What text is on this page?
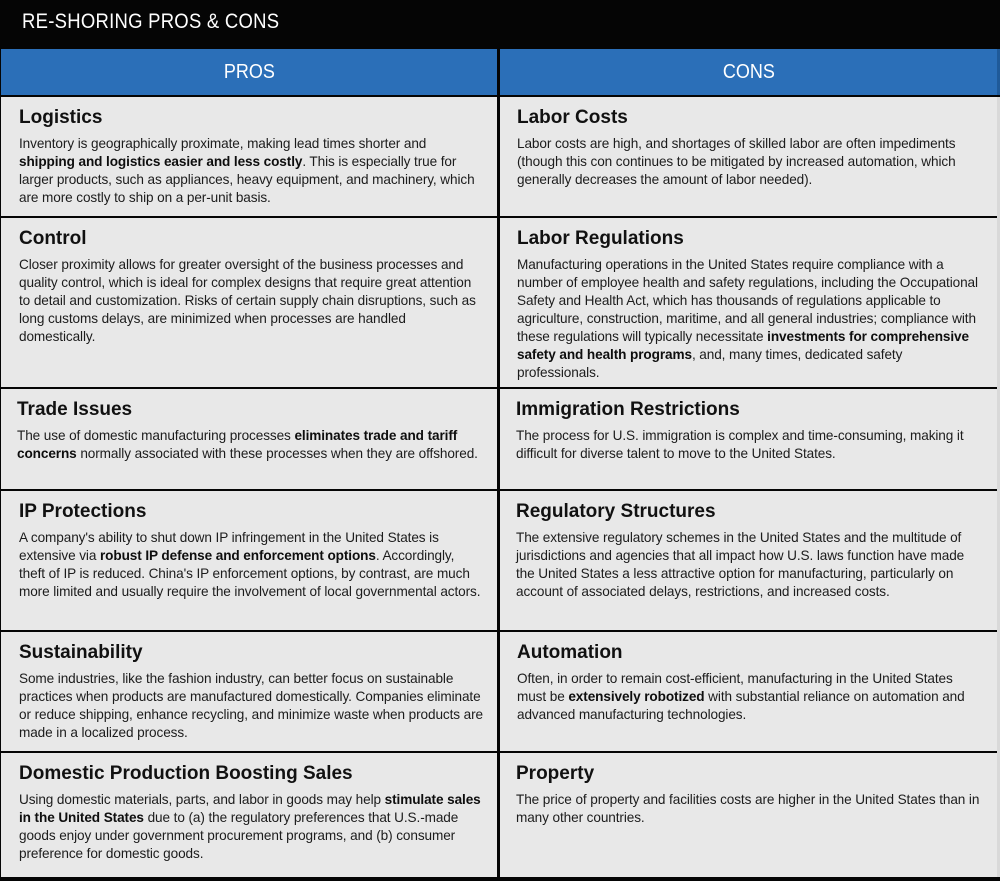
RE-SHORING PROS & CONS
PROS	CONS
Logistics

Inventory is geographically proximate, making lead times shorter and shipping and logistics easier and less costly. This is especially true for larger products, such as appliances, heavy equipment, and machinery, which are more costly to ship on a per-unit basis.

Labor Costs

Labor costs are high, and shortages of skilled labor are often impediments (though this con continues to be mitigated by increased automation, which generally decreases the amount of labor needed).

Control

Closer proximity allows for greater oversight of the business processes and quality control, which is ideal for complex designs that require great attention to detail and customization. Risks of certain supply chain disruptions, such as long customs delays, are minimized when processes are handled domestically.

Labor Regulations

Manufacturing operations in the United States require compliance with a number of employee health and safety regulations, including the Occupational Safety and Health Act, which has thousands of regulations applicable to agriculture, construction, maritime, and all general industries; compliance with these regulations will typically necessitate investments for comprehensive safety and health programs, and, many times, dedicated safety professionals.

Trade Issues

The use of domestic manufacturing processes eliminates trade and tariff concerns normally associated with these processes when they are offshored.

Immigration Restrictions

The process for U.S. immigration is complex and time-consuming, making it difficult for diverse talent to move to the United States.

IP Protections

A company's ability to shut down IP infringement in the United States is extensive via robust IP defense and enforcement options. Accordingly, theft of IP is reduced. China's IP enforcement options, by contrast, are much more limited and usually require the involvement of local governmental actors.

Regulatory Structures

The extensive regulatory schemes in the United States and the multitude of jurisdictions and agencies that all impact how U.S. laws function have made the United States a less attractive option for manufacturing, particularly on account of associated delays, restrictions, and increased costs.

Sustainability

Some industries, like the fashion industry, can better focus on sustainable practices when products are manufactured domestically. Companies eliminate or reduce shipping, enhance recycling, and minimize waste when products are made in a localized process.

Automation

Often, in order to remain cost-efficient, manufacturing in the United States must be extensively robotized with substantial reliance on automation and advanced manufacturing technologies.

Domestic Production Boosting Sales

Using domestic materials, parts, and labor in goods may help stimulate sales in the United States due to (a) the regulatory preferences that U.S.-made goods enjoy under government procurement programs, and (b) consumer preference for domestic goods.

Property

The price of property and facilities costs are higher in the United States than in many other countries.
